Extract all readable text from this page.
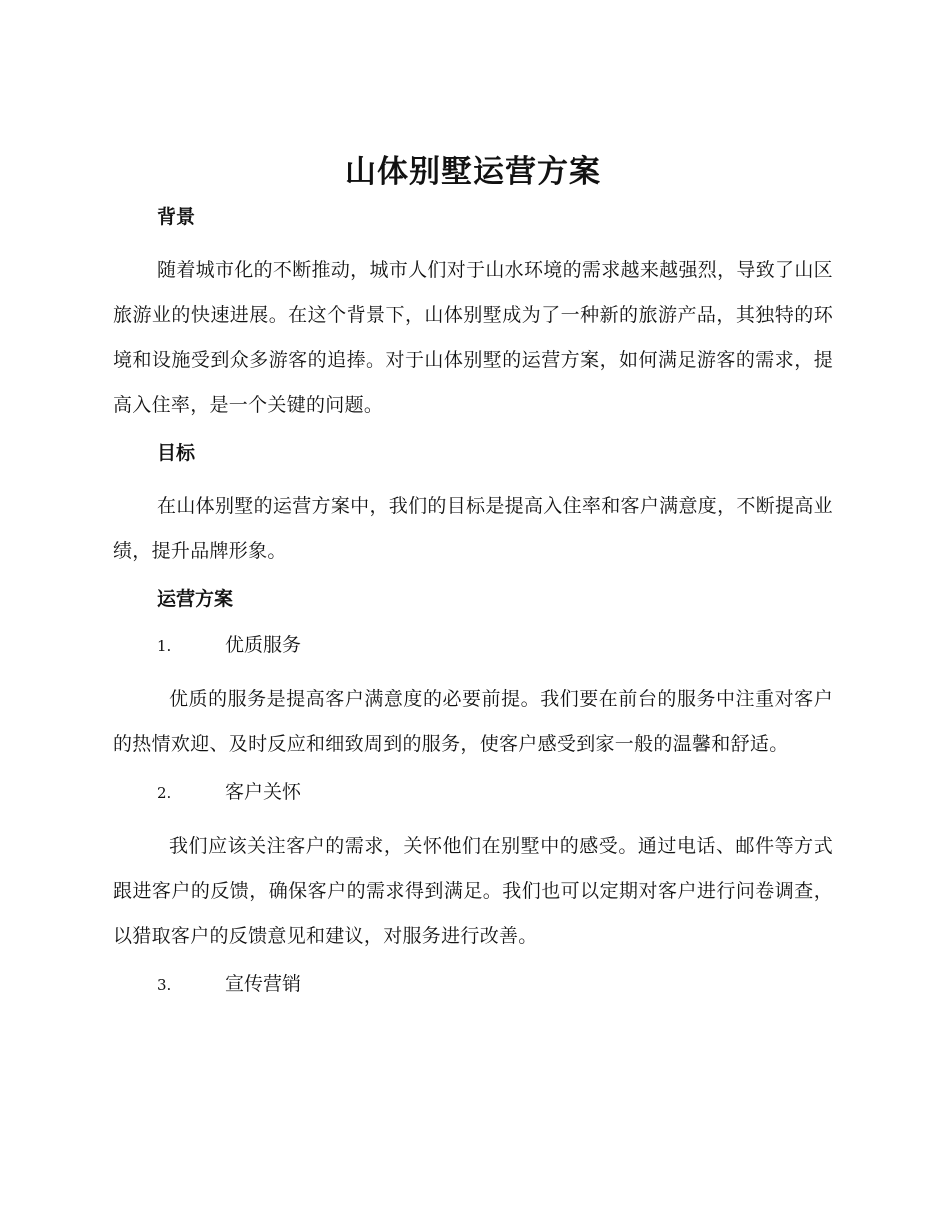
山体别墅运营方案
背景

随着城市化的不断推动，城市人们对于山水环境的需求越来越强烈，导致了山区旅游业的快速进展。在这个背景下，山体别墅成为了一种新的旅游产品，其独特的环境和设施受到众多游客的追捧。对于山体别墅的运营方案，如何满足游客的需求，提高入住率，是一个关键的问题。

目标

在山体别墅的运营方案中，我们的目标是提高入住率和客户满意度，不断提高业绩，提升品牌形象。

运营方案
1.	优质服务

优质的服务是提高客户满意度的必要前提。我们要在前台的服务中注重对客户的热情欢迎、及时反应和细致周到的服务，使客户感受到家一般的温馨和舒适。

2.	客户关怀

我们应该关注客户的需求，关怀他们在别墅中的感受。通过电话、邮件等方式跟进客户的反馈，确保客户的需求得到满足。我们也可以定期对客户进行问卷调查，以猎取客户的反馈意见和建议，对服务进行改善。

3.	宣传营销
